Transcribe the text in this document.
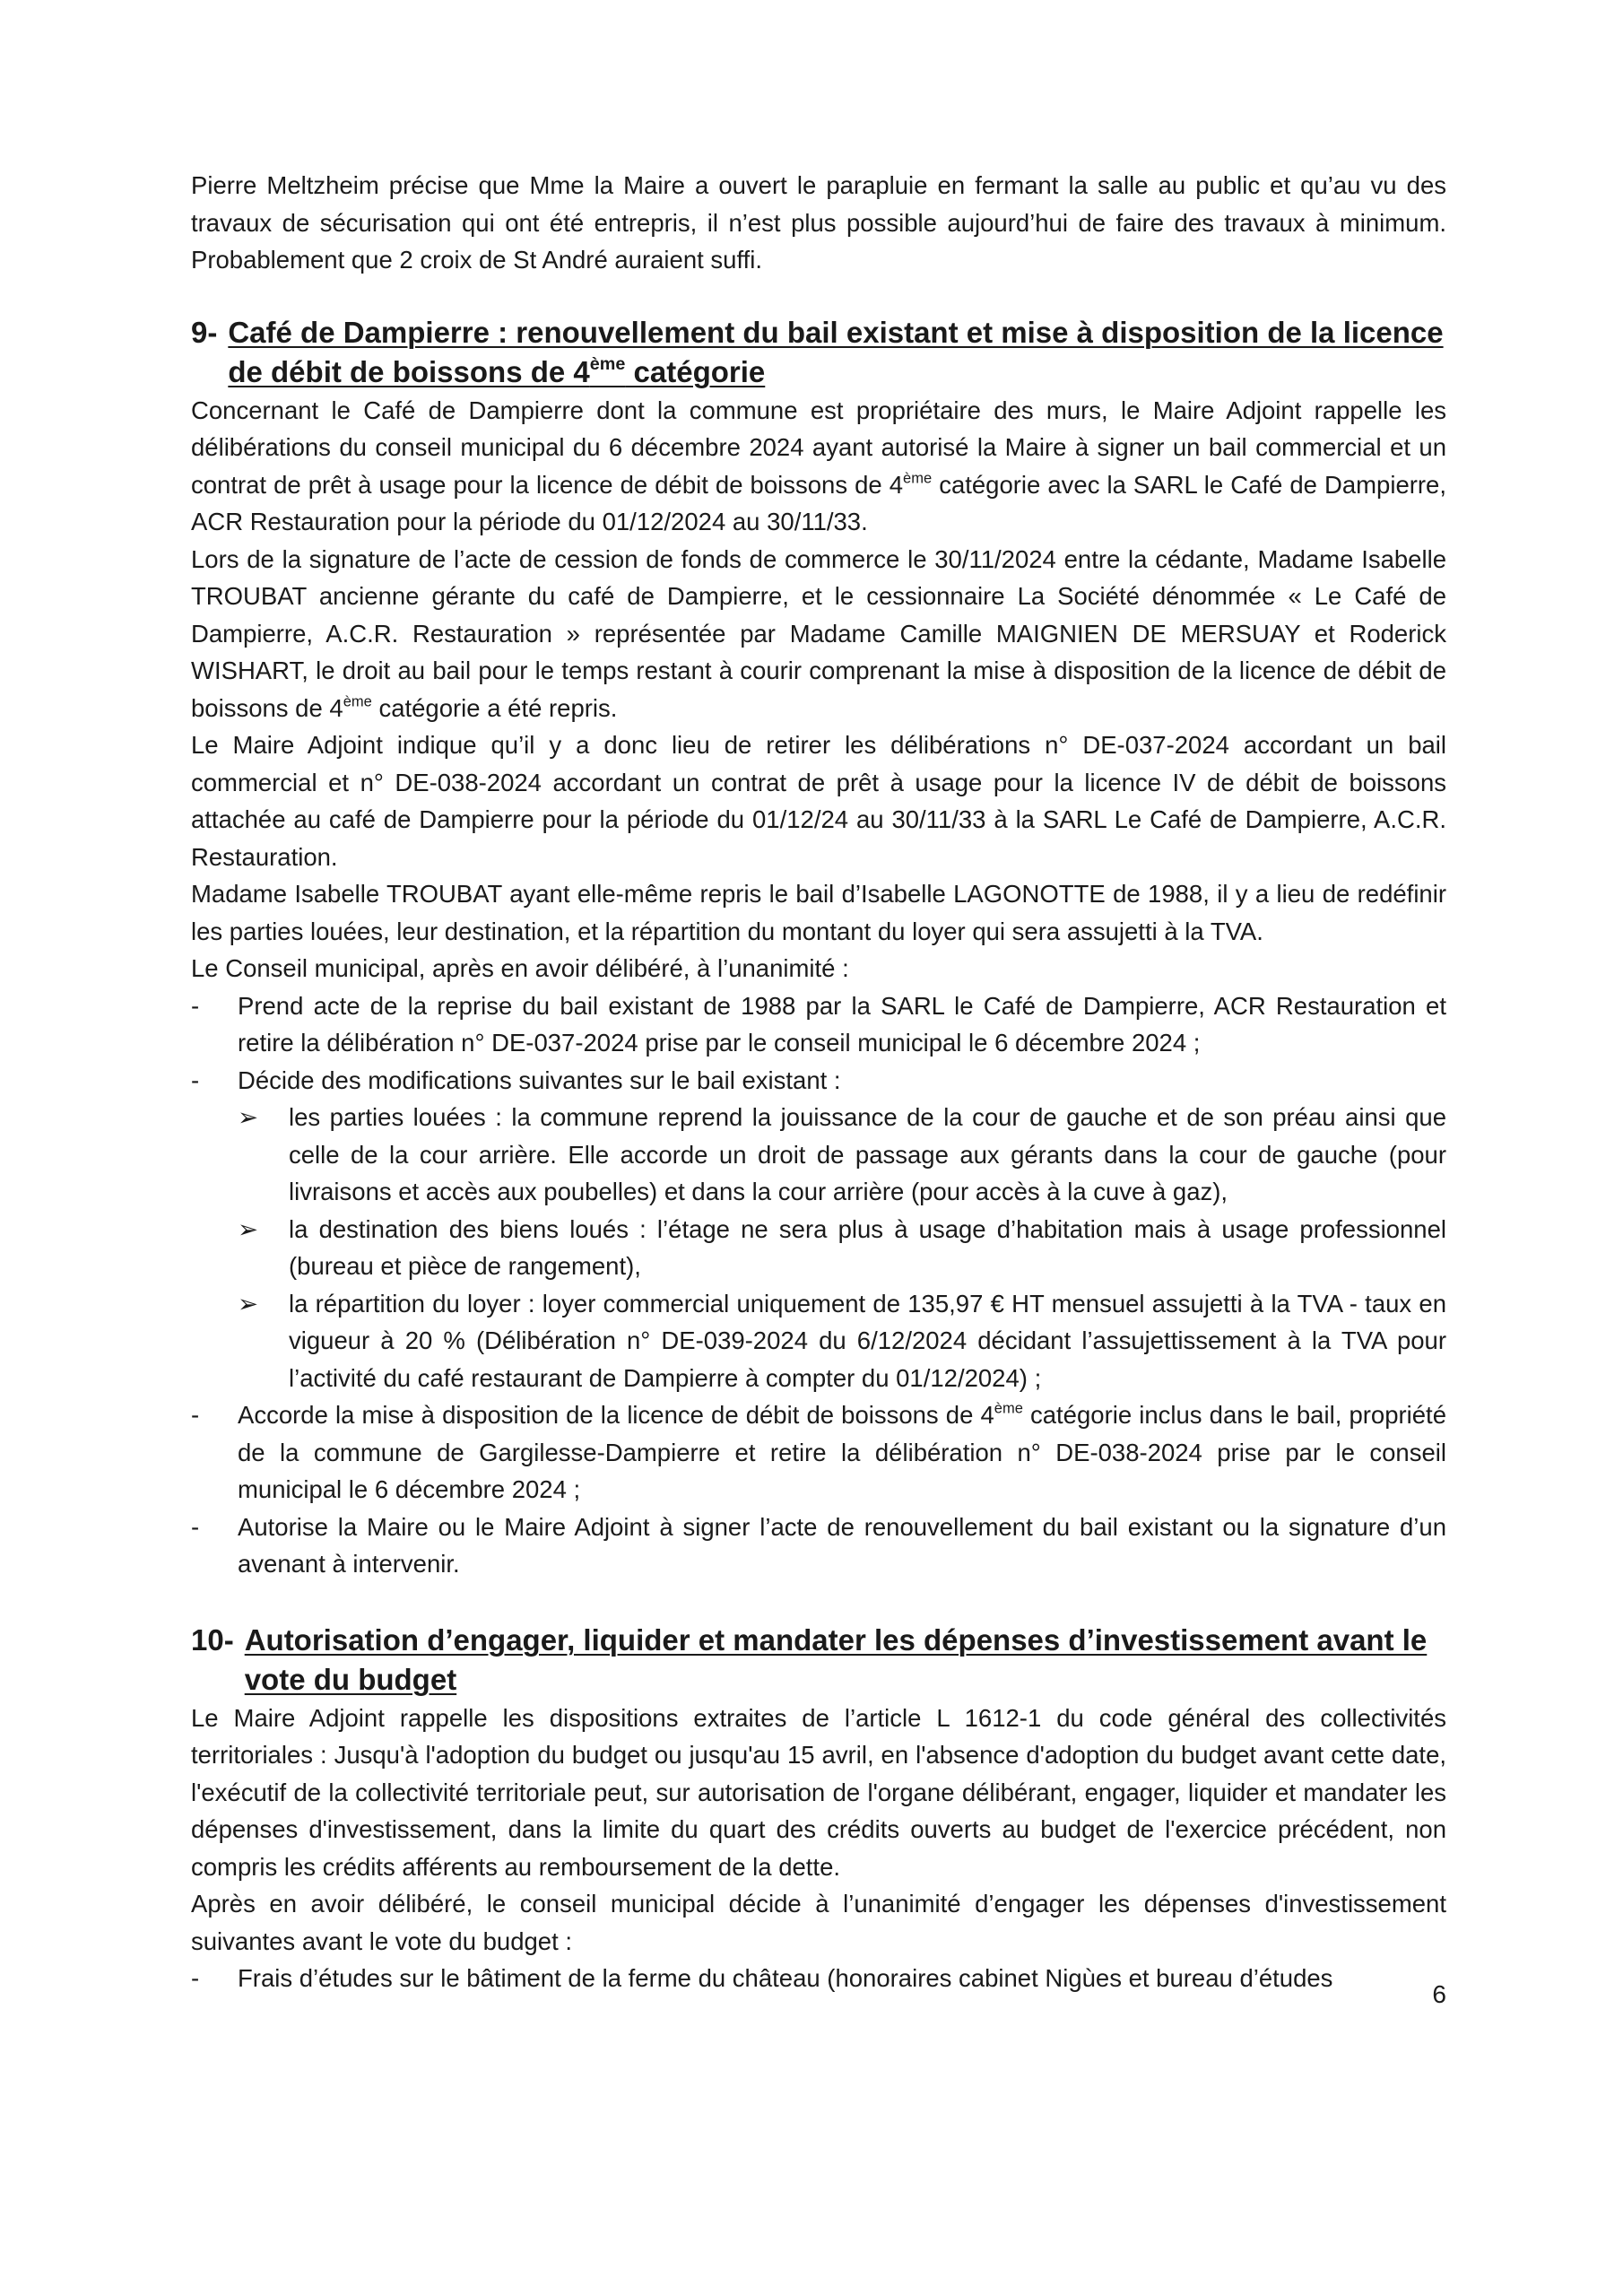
Pierre Meltzheim précise que Mme la Maire a ouvert le parapluie en fermant la salle au public et qu’au vu des travaux de sécurisation qui ont été entrepris, il n’est plus possible aujourd’hui de faire des travaux à minimum. Probablement que 2 croix de St André auraient suffi.

9- Café de Dampierre : renouvellement du bail existant et mise à disposition de la licence de débit de boissons de 4ème catégorie

Concernant le Café de Dampierre dont la commune est propriétaire des murs, le Maire Adjoint rappelle les délibérations du conseil municipal du 6 décembre 2024 ayant autorisé la Maire à signer un bail commercial et un contrat de prêt à usage pour la licence de débit de boissons de 4ème catégorie avec la SARL le Café de Dampierre, ACR Restauration pour la période du 01/12/2024 au 30/11/33.

Lors de la signature de l’acte de cession de fonds de commerce le 30/11/2024 entre la cédante, Madame Isabelle TROUBAT ancienne gérante du café de Dampierre, et le cessionnaire La Société dénommée « Le Café de Dampierre, A.C.R. Restauration » représentée par Madame Camille MAIGNIEN DE MERSUAY et Roderick WISHART, le droit au bail pour le temps restant à courir comprenant la mise à disposition de la licence de débit de boissons de 4ème catégorie a été repris.

Le Maire Adjoint indique qu’il y a donc lieu de retirer les délibérations n° DE-037-2024 accordant un bail commercial et n° DE-038-2024 accordant un contrat de prêt à usage pour la licence IV de débit de boissons attachée au café de Dampierre pour la période du 01/12/24 au 30/11/33 à la SARL Le Café de Dampierre, A.C.R. Restauration.

Madame Isabelle TROUBAT ayant elle-même repris le bail d’Isabelle LAGONOTTE de 1988, il y a lieu de redéfinir les parties louées, leur destination, et la répartition du montant du loyer qui sera assujetti à la TVA.

Le Conseil municipal, après en avoir délibéré, à l’unanimité :

-	Prend acte de la reprise du bail existant de 1988 par la SARL le Café de Dampierre, ACR Restauration et retire la délibération n° DE-037-2024 prise par le conseil municipal le 6 décembre 2024 ;
-	Décide des modifications suivantes sur le bail existant :
➢	les parties louées : la commune reprend la jouissance de la cour de gauche et de son préau ainsi que celle de la cour arrière. Elle accorde un droit de passage aux gérants dans la cour de gauche (pour livraisons et accès aux poubelles) et dans la cour arrière (pour accès à la cuve à gaz),
➢	la destination des biens loués : l’étage ne sera plus à usage d’habitation mais à usage professionnel (bureau et pièce de rangement),
➢	la répartition du loyer : loyer commercial uniquement de 135,97 € HT mensuel assujetti à la TVA - taux en vigueur à 20 % (Délibération n° DE-039-2024 du 6/12/2024 décidant l’assujettissement à la TVA pour l’activité du café restaurant de Dampierre à compter du 01/12/2024) ;
-	Accorde la mise à disposition de la licence de débit de boissons de 4ème catégorie inclus dans le bail, propriété de la commune de Gargilesse-Dampierre et retire la délibération n° DE-038-2024 prise par le conseil municipal le 6 décembre 2024 ;
-	Autorise la Maire ou le Maire Adjoint à signer l’acte de renouvellement du bail existant ou la signature d’un avenant à intervenir.
10- Autorisation d’engager, liquider et mandater les dépenses d’investissement avant le vote du budget

Le Maire Adjoint rappelle les dispositions extraites de l’article L 1612-1 du code général des collectivités territoriales : Jusqu'à l'adoption du budget ou jusqu'au 15 avril, en l'absence d'adoption du budget avant cette date, l'exécutif de la collectivité territoriale peut, sur autorisation de l'organe délibérant, engager, liquider et mandater les dépenses d'investissement, dans la limite du quart des crédits ouverts au budget de l'exercice précédent, non compris les crédits afférents au remboursement de la dette.

Après en avoir délibéré, le conseil municipal décide à l’unanimité d’engager les dépenses d'investissement suivantes avant le vote du budget :

-	Frais d’études sur le bâtiment de la ferme du château (honoraires cabinet Nigùes et bureau d’études
6
